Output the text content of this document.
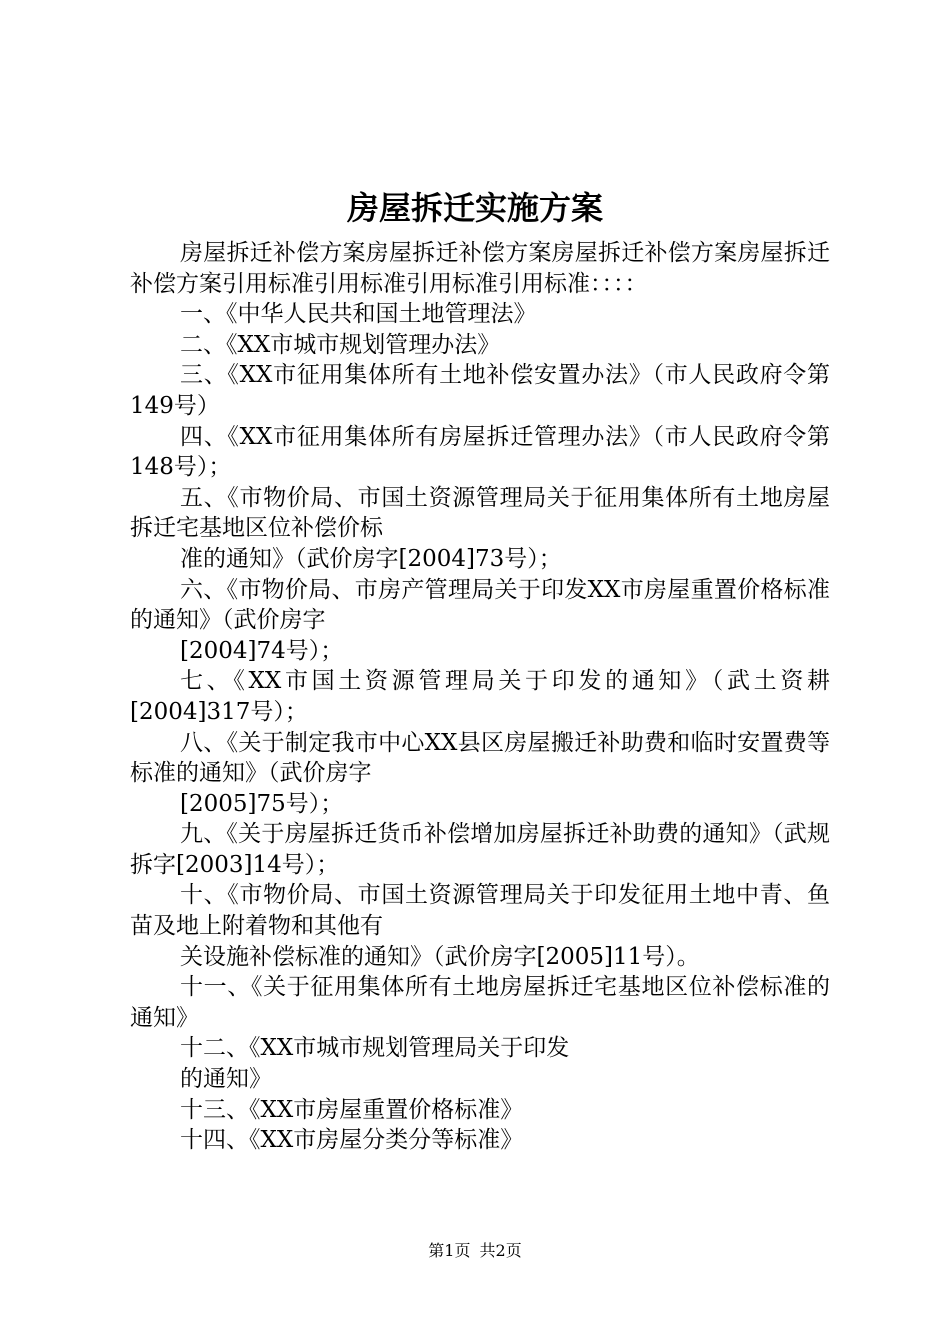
房屋拆迁实施方案

房屋拆迁补偿方案房屋拆迁补偿方案房屋拆迁补偿方案房屋拆迁补偿方案引用标准引用标准引用标准引用标准：：：：

一、《中华人民共和国土地管理法》

二、《XX市城市规划管理办法》

三、《XX市征用集体所有土地补偿安置办法》（市人民政府令第149号）

四、《XX市征用集体所有房屋拆迁管理办法》（市人民政府令第148号）；

五、《市物价局、市国土资源管理局关于征用集体所有土地房屋拆迁宅基地区位补偿价标

准的通知》（武价房字[2004]73号）；

六、《市物价局、市房产管理局关于印发XX市房屋重置价格标准的通知》（武价房字

[2004]74号）；

七、《XX市国土资源管理局关于印发的通知》（武土资耕[2004]317号）；

八、《关于制定我市中心XX县区房屋搬迁补助费和临时安置费等标准的通知》（武价房字

[2005]75号）；

九、《关于房屋拆迁货币补偿增加房屋拆迁补助费的通知》（武规拆字[2003]14号）；

十、《市物价局、市国土资源管理局关于印发征用土地中青、鱼苗及地上附着物和其他有

关设施补偿标准的通知》（武价房字[2005]11号）。

十一、《关于征用集体所有土地房屋拆迁宅基地区位补偿标准的通知》

十二、《XX市城市规划管理局关于印发

的通知》

十三、《XX市房屋重置价格标准》

十四、《XX市房屋分类分等标准》

第1页 共2页
